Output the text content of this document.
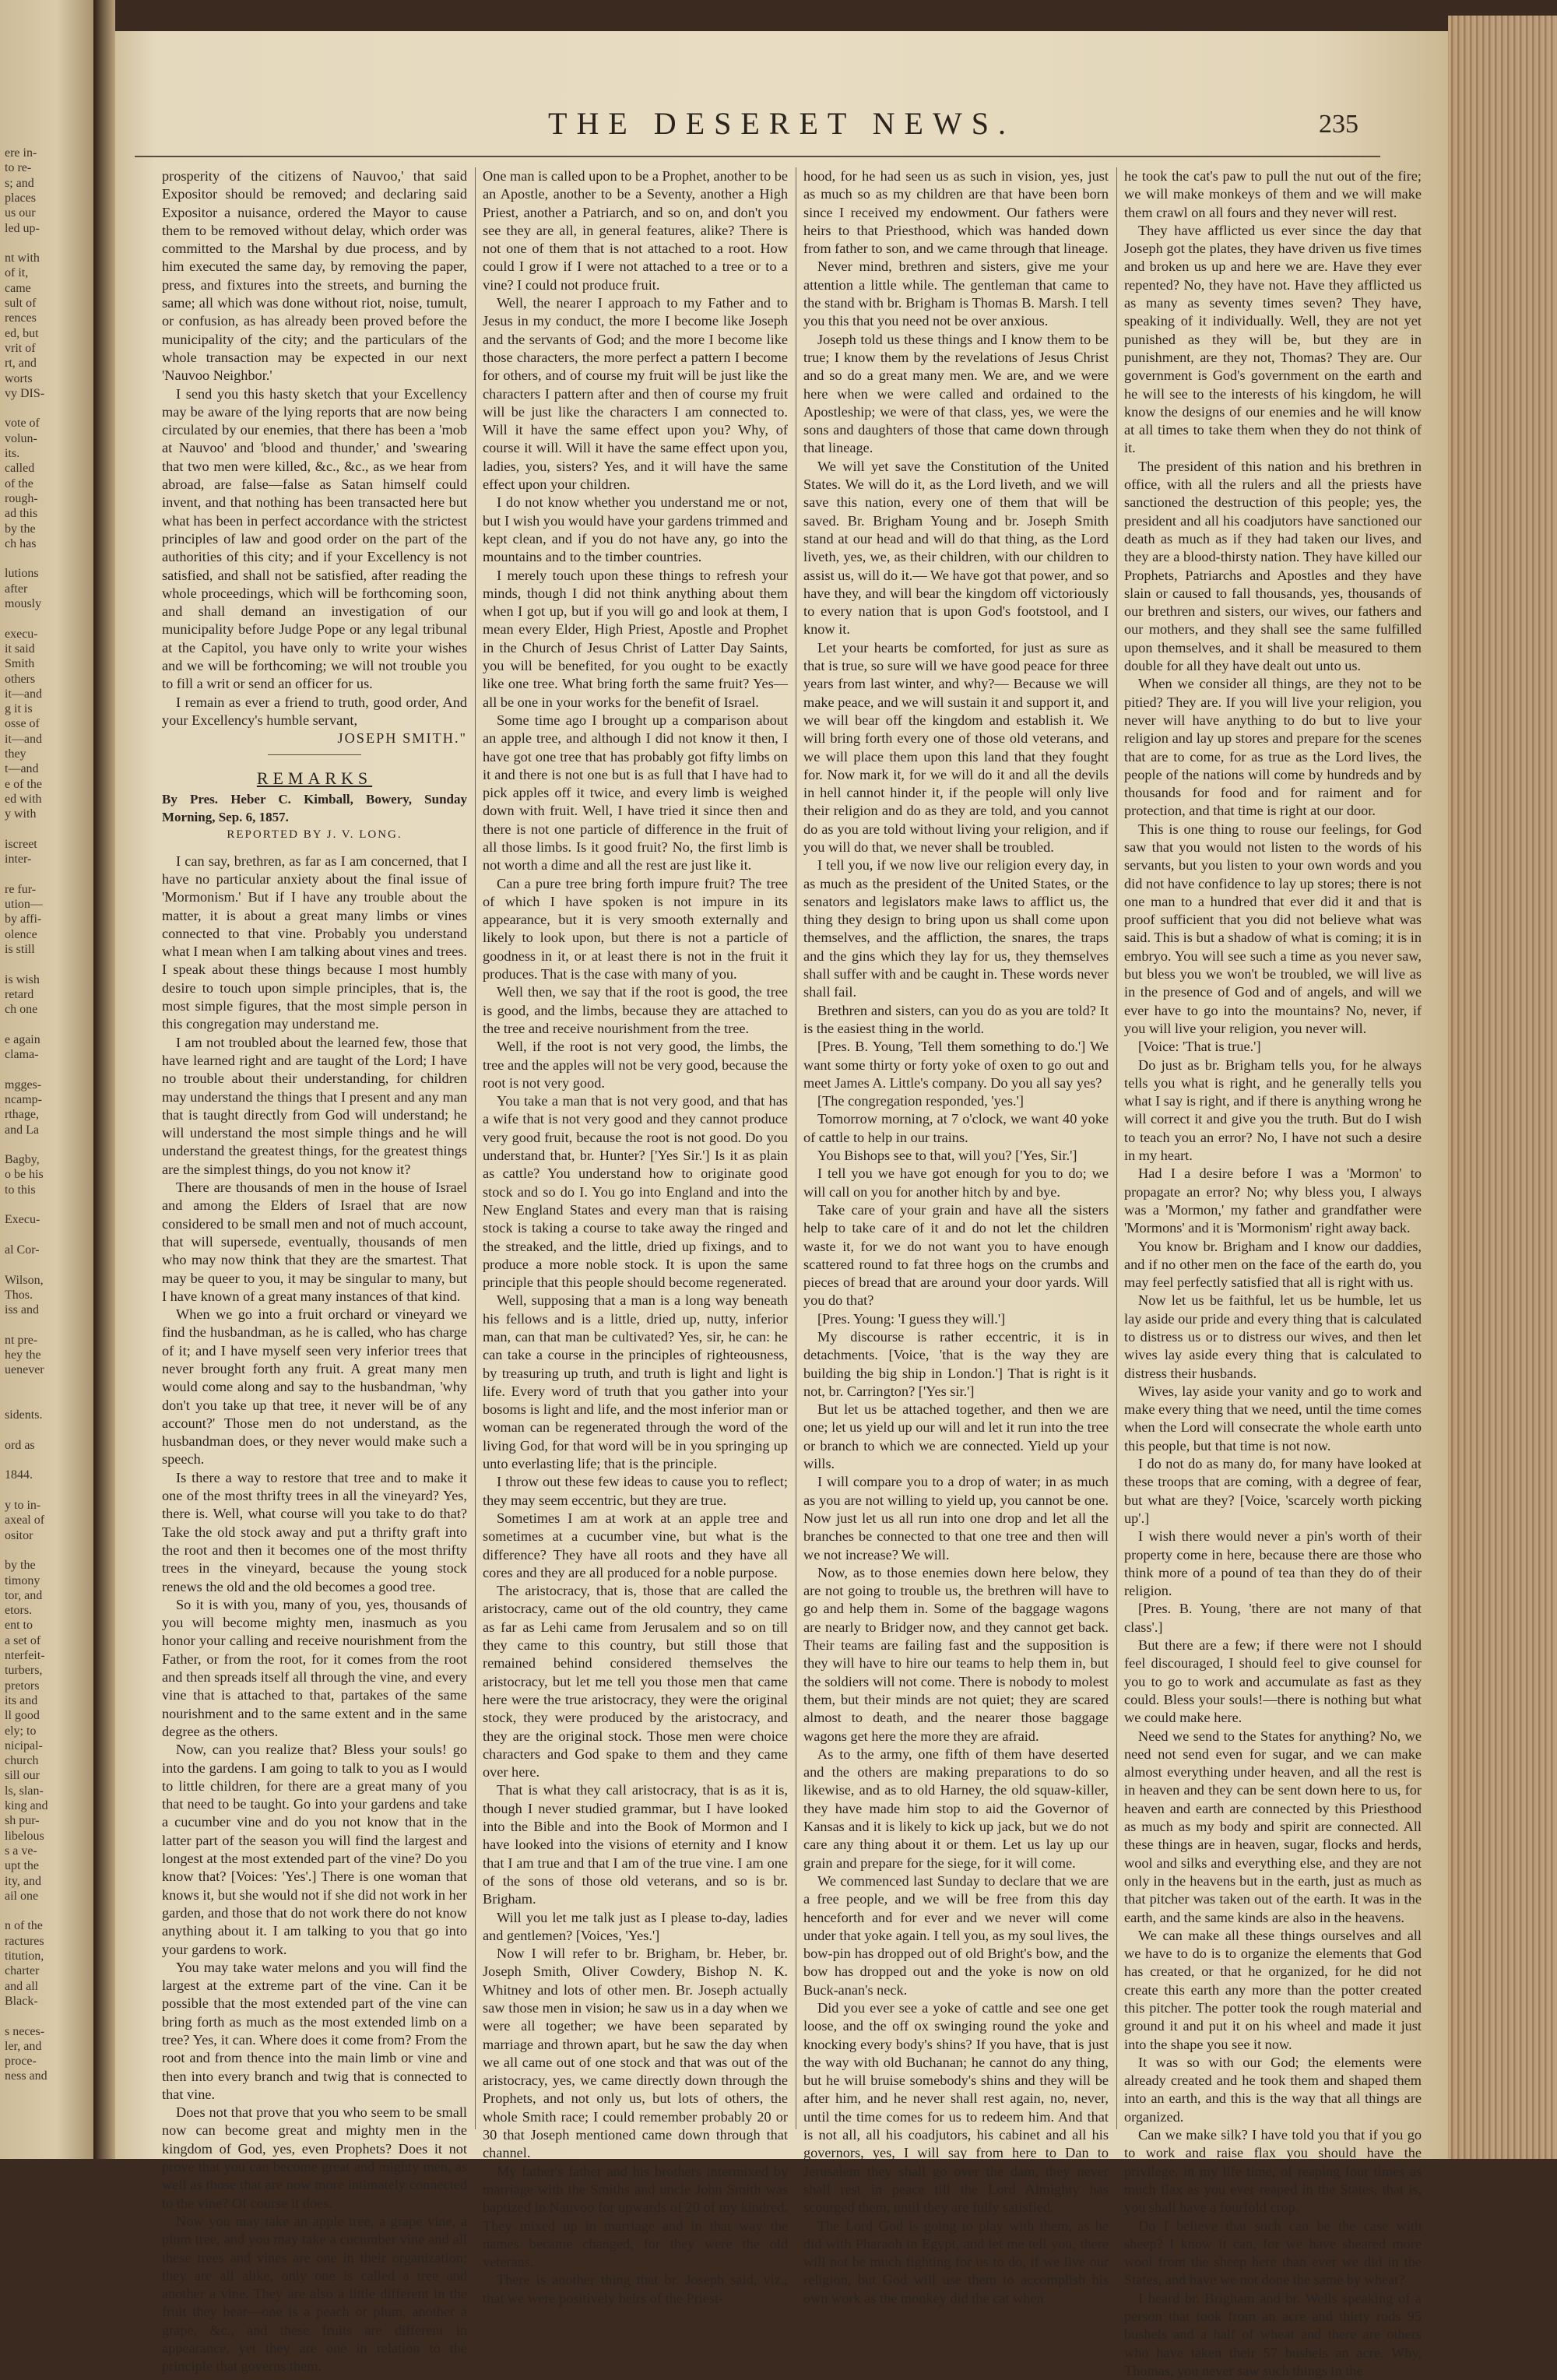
ere in-
to re-
s; and
places
us our
led up-
nt with
of it,
came
sult of
rences
ed, but
vrit of
rt, and
worts
vy DIS-
vote of
volun-
its.
called
of the
rough-
ad this
by the
ch has
lutions
after
mously
execu-
it said
Smith
others
it—and
g it is
osse of
it—and
they
t—and
e of the
ed with
y with
iscreet
inter-
re fur-
ution—
by affi-
olence
is still
is wish
retard
ch one
e again
clama-
mgges-
ncamp-
rthage,
and La
Bagby,
o be his
to this
Execu-
al Cor-
Wilson,
Thos.
iss and
nt pre-
hey the
uenever
sidents.
ord as
1844.
y to in-
axeal of
ositor
by the
timony
tor, and
etors.
ent to
a set of
nterfeit-
turbers,
pretors
its and
ll good
ely; to
nicipal-
church
sill our
ls, slan-
king and
sh pur-
libelous
s a ve-
upt the
ity, and
ail one
n of the
ractures
titution,
charter
and all
Black-
s neces-
ler, and
proce-
ness and
THE DESERET NEWS.	235

prosperity of the citizens of Nauvoo,' that said Expositor should be removed; and declaring said Expositor a nuisance, ordered the Mayor to cause them to be removed without delay, which order was committed to the Marshal by due process, and by him executed the same day, by removing the paper, press, and fixtures into the streets, and burning the same; all which was done without riot, noise, tumult, or confusion, as has already been proved before the municipality of the city; and the particulars of the whole transaction may be expected in our next 'Nauvoo Neighbor.'

I send you this hasty sketch that your Excellency may be aware of the lying reports that are now being circulated by our enemies, that there has been a 'mob at Nauvoo' and 'blood and thunder,' and 'swearing that two men were killed, &c., &c., as we hear from abroad, are false—false as Satan himself could invent, and that nothing has been transacted here but what has been in perfect accordance with the strictest principles of law and good order on the part of the authorities of this city; and if your Excellency is not satisfied, and shall not be satisfied, after reading the whole proceedings, which will be forthcoming soon, and shall demand an investigation of our municipality before Judge Pope or any legal tribunal at the Capitol, you have only to write your wishes and we will be forthcoming; we will not trouble you to fill a writ or send an officer for us.

I remain as ever a friend to truth, good order, And your Excellency's humble servant,

JOSEPH SMITH."

REMARKS

By Pres. Heber C. Kimball, Bowery, Sunday Morning, Sep. 6, 1857.

REPORTED BY J. V. LONG.

I can say, brethren, as far as I am concerned, that I have no particular anxiety about the final issue of 'Mormonism.' But if I have any trouble about the matter, it is about a great many limbs or vines connected to that vine. Probably you understand what I mean when I am talking about vines and trees. I speak about these things because I most humbly desire to touch upon simple principles, that is, the most simple figures, that the most simple person in this congregation may understand me.

I am not troubled about the learned few, those that have learned right and are taught of the Lord; I have no trouble about their understanding, for children may understand the things that I present and any man that is taught directly from God will understand; he will understand the most simple things and he will understand the greatest things, for the greatest things are the simplest things, do you not know it?

There are thousands of men in the house of Israel and among the Elders of Israel that are now considered to be small men and not of much account, that will supersede, eventually, thousands of men who may now think that they are the smartest. That may be queer to you, it may be singular to many, but I have known of a great many instances of that kind.

When we go into a fruit orchard or vineyard we find the husbandman, as he is called, who has charge of it; and I have myself seen very inferior trees that never brought forth any fruit. A great many men would come along and say to the husbandman, 'why don't you take up that tree, it never will be of any account?' Those men do not understand, as the husbandman does, or they never would make such a speech.

Is there a way to restore that tree and to make it one of the most thrifty trees in all the vineyard? Yes, there is. Well, what course will you take to do that? Take the old stock away and put a thrifty graft into the root and then it becomes one of the most thrifty trees in the vineyard, because the young stock renews the old and the old becomes a good tree.

So it is with you, many of you, yes, thousands of you will become mighty men, inasmuch as you honor your calling and receive nourishment from the Father, or from the root, for it comes from the root and then spreads itself all through the vine, and every vine that is attached to that, partakes of the same nourishment and to the same extent and in the same degree as the others.

Now, can you realize that? Bless your souls! go into the gardens. I am going to talk to you as I would to little children, for there are a great many of you that need to be taught. Go into your gardens and take a cucumber vine and do you not know that in the latter part of the season you will find the largest and longest at the most extended part of the vine? Do you know that? [Voices: 'Yes'.] There is one woman that knows it, but she would not if she did not work in her garden, and those that do not work there do not know anything about it. I am talking to you that go into your gardens to work.

You may take water melons and you will find the largest at the extreme part of the vine. Can it be possible that the most extended part of the vine can bring forth as much as the most extended limb on a tree? Yes, it can. Where does it come from? From the root and from thence into the main limb or vine and then into every branch and twig that is connected to that vine.

Does not that prove that you who seem to be small now can become great and mighty men in the kingdom of God, yes, even Prophets? Does it not prove that you can become great and mighty men, as well as those that are now more intimately connected to the vine? Of course it does.

Now you may take an apple tree, a grape vine, a plum tree, and you may take a cucumber vine and all these trees and vines are one in their organization; they are all alike, only one is called a tree and another a vine. They are also a little different in the fruit they bear—one is a peach or plum, another a grape, &c., and these fruits are different in appearance, yet they are one in relation to the principle that governs them.

One man is called upon to be a Prophet, another to be an Apostle, another to be a Seventy, another a High Priest, another a Patriarch, and so on, and don't you see they are all, in general features, alike? There is not one of them that is not attached to a root. How could I grow if I were not attached to a tree or to a vine? I could not produce fruit.

Well, the nearer I approach to my Father and to Jesus in my conduct, the more I become like Joseph and the servants of God; and the more I become like those characters, the more perfect a pattern I become for others, and of course my fruit will be just like the characters I pattern after and then of course my fruit will be just like the characters I am connected to. Will it have the same effect upon you? Why, of course it will. Will it have the same effect upon you, ladies, you, sisters? Yes, and it will have the same effect upon your children.

I do not know whether you understand me or not, but I wish you would have your gardens trimmed and kept clean, and if you do not have any, go into the mountains and to the timber countries.

I merely touch upon these things to refresh your minds, though I did not think anything about them when I got up, but if you will go and look at them, I mean every Elder, High Priest, Apostle and Prophet in the Church of Jesus Christ of Latter Day Saints, you will be benefited, for you ought to be exactly like one tree. What bring forth the same fruit? Yes—all be one in your works for the benefit of Israel.

Some time ago I brought up a comparison about an apple tree, and although I did not know it then, I have got one tree that has probably got fifty limbs on it and there is not one but is as full that I have had to pick apples off it twice, and every limb is weighed down with fruit. Well, I have tried it since then and there is not one particle of difference in the fruit of all those limbs. Is it good fruit? No, the first limb is not worth a dime and all the rest are just like it.

Can a pure tree bring forth impure fruit? The tree of which I have spoken is not impure in its appearance, but it is very smooth externally and likely to look upon, but there is not a particle of goodness in it, or at least there is not in the fruit it produces. That is the case with many of you.

Well then, we say that if the root is good, the tree is good, and the limbs, because they are attached to the tree and receive nourishment from the tree.

Well, if the root is not very good, the limbs, the tree and the apples will not be very good, because the root is not very good.

You take a man that is not very good, and that has a wife that is not very good and they cannot produce very good fruit, because the root is not good. Do you understand that, br. Hunter? ['Yes Sir.'] Is it as plain as cattle? You understand how to originate good stock and so do I. You go into England and into the New England States and every man that is raising stock is taking a course to take away the ringed and the streaked, and the little, dried up fixings, and to produce a more noble stock. It is upon the same principle that this people should become regenerated.

Well, supposing that a man is a long way beneath his fellows and is a little, dried up, nutty, inferior man, can that man be cultivated? Yes, sir, he can: he can take a course in the principles of righteousness, by treasuring up truth, and truth is light and light is life. Every word of truth that you gather into your bosoms is light and life, and the most inferior man or woman can be regenerated through the word of the living God, for that word will be in you springing up unto everlasting life; that is the principle.

I throw out these few ideas to cause you to reflect; they may seem eccentric, but they are true.

Sometimes I am at work at an apple tree and sometimes at a cucumber vine, but what is the difference? They have all roots and they have all cores and they are all produced for a noble purpose.

The aristocracy, that is, those that are called the aristocracy, came out of the old country, they came as far as Lehi came from Jerusalem and so on till they came to this country, but still those that remained behind considered themselves the aristocracy, but let me tell you those men that came here were the true aristocracy, they were the original stock, they were produced by the aristocracy, and they are the original stock. Those men were choice characters and God spake to them and they came over here.

That is what they call aristocracy, that is as it is, though I never studied grammar, but I have looked into the Bible and into the Book of Mormon and I have looked into the visions of eternity and I know that I am true and that I am of the true vine. I am one of the sons of those old veterans, and so is br. Brigham.

Will you let me talk just as I please to-day, ladies and gentlemen? [Voices, 'Yes.']

Now I will refer to br. Brigham, br. Heber, br. Joseph Smith, Oliver Cowdery, Bishop N. K. Whitney and lots of other men. Br. Joseph actually saw those men in vision; he saw us in a day when we were all together; we have been separated by marriage and thrown apart, but he saw the day when we all came out of one stock and that was out of the aristocracy, yes, we came directly down through the Prophets, and not only us, but lots of others, the whole Smith race; I could remember probably 20 or 30 that Joseph mentioned came down through that channel.

My father's father and his brothers intermixed by marriage with the Smiths and uncle John Smith was baptized in Nauvoo for upwards of 20 of my kindred. They mixed up in marriage and in that way the names became changed, for they were the old veterans.

There is another thing that br. Joseph said, viz., that we were positively heirs of the Priest-

hood, for he had seen us as such in vision, yes, just as much so as my children are that have been born since I received my endowment. Our fathers were heirs to that Priesthood, which was handed down from father to son, and we came through that lineage.

Never mind, brethren and sisters, give me your attention a little while. The gentleman that came to the stand with br. Brigham is Thomas B. Marsh. I tell you this that you need not be over anxious.

Joseph told us these things and I know them to be true; I know them by the revelations of Jesus Christ and so do a great many men. We are, and we were here when we were called and ordained to the Apostleship; we were of that class, yes, we were the sons and daughters of those that came down through that lineage.

We will yet save the Constitution of the United States. We will do it, as the Lord liveth, and we will save this nation, every one of them that will be saved. Br. Brigham Young and br. Joseph Smith stand at our head and will do that thing, as the Lord liveth, yes, we, as their children, with our children to assist us, will do it.— We have got that power, and so have they, and will bear the kingdom off victoriously to every nation that is upon God's footstool, and I know it.

Let your hearts be comforted, for just as sure as that is true, so sure will we have good peace for three years from last winter, and why?— Because we will make peace, and we will sustain it and support it, and we will bear off the kingdom and establish it. We will bring forth every one of those old veterans, and we will place them upon this land that they fought for. Now mark it, for we will do it and all the devils in hell cannot hinder it, if the people will only live their religion and do as they are told, and you cannot do as you are told without living your religion, and if you will do that, we never shall be troubled.

I tell you, if we now live our religion every day, in as much as the president of the United States, or the senators and legislators make laws to afflict us, the thing they design to bring upon us shall come upon themselves, and the affliction, the snares, the traps and the gins which they lay for us, they themselves shall suffer with and be caught in. These words never shall fail.

Brethren and sisters, can you do as you are told? It is the easiest thing in the world.

[Pres. B. Young, 'Tell them something to do.'] We want some thirty or forty yoke of oxen to go out and meet James A. Little's company. Do you all say yes?

[The congregation responded, 'yes.']

Tomorrow morning, at 7 o'clock, we want 40 yoke of cattle to help in our trains.

You Bishops see to that, will you? ['Yes, Sir.']

I tell you we have got enough for you to do; we will call on you for another hitch by and bye.

Take care of your grain and have all the sisters help to take care of it and do not let the children waste it, for we do not want you to have enough scattered round to fat three hogs on the crumbs and pieces of bread that are around your door yards. Will you do that?

[Pres. Young: 'I guess they will.']

My discourse is rather eccentric, it is in detachments. [Voice, 'that is the way they are building the big ship in London.'] That is right is it not, br. Carrington? ['Yes sir.']

But let us be attached together, and then we are one; let us yield up our will and let it run into the tree or branch to which we are connected. Yield up your wills.

I will compare you to a drop of water; in as much as you are not willing to yield up, you cannot be one. Now just let us all run into one drop and let all the branches be connected to that one tree and then will we not increase? We will.

Now, as to those enemies down here below, they are not going to trouble us, the brethren will have to go and help them in. Some of the baggage wagons are nearly to Bridger now, and they cannot get back. Their teams are failing fast and the supposition is they will have to hire our teams to help them in, but the soldiers will not come. There is nobody to molest them, but their minds are not quiet; they are scared almost to death, and the nearer those baggage wagons get here the more they are afraid.

As to the army, one fifth of them have deserted and the others are making preparations to do so likewise, and as to old Harney, the old squaw-killer, they have made him stop to aid the Governor of Kansas and it is likely to kick up jack, but we do not care any thing about it or them. Let us lay up our grain and prepare for the siege, for it will come.

We commenced last Sunday to declare that we are a free people, and we will be free from this day henceforth and for ever and we never will come under that yoke again. I tell you, as my soul lives, the bow-pin has dropped out of old Bright's bow, and the bow has dropped out and the yoke is now on old Buck-anan's neck.

Did you ever see a yoke of cattle and see one get loose, and the off ox swinging round the yoke and knocking every body's shins? If you have, that is just the way with old Buchanan; he cannot do any thing, but he will bruise somebody's shins and they will be after him, and he never shall rest again, no, never, until the time comes for us to redeem him. And that is not all, all his coadjutors, his cabinet and all his governors, yes, I will say from here to Dan to Jerusalem they shall go over the dam, they never shall rest in peace till the Lord Almighty has scourged them, until they are fully satisfied.

The Lord God is going to play with them, as he did with Pharaoh in Egypt, and let me tell you, there will not be much fighting for us to do, if we live our religion, but God will use them to accomplish his own work as the monkey did the cat when

he took the cat's paw to pull the nut out of the fire; we will make monkeys of them and we will make them crawl on all fours and they never will rest.

They have afflicted us ever since the day that Joseph got the plates, they have driven us five times and broken us up and here we are. Have they ever repented? No, they have not. Have they afflicted us as many as seventy times seven? They have, speaking of it individually. Well, they are not yet punished as they will be, but they are in punishment, are they not, Thomas? They are. Our government is God's government on the earth and he will see to the interests of his kingdom, he will know the designs of our enemies and he will know at all times to take them when they do not think of it.

The president of this nation and his brethren in office, with all the rulers and all the priests have sanctioned the destruction of this people; yes, the president and all his coadjutors have sanctioned our death as much as if they had taken our lives, and they are a blood-thirsty nation. They have killed our Prophets, Patriarchs and Apostles and they have slain or caused to fall thousands, yes, thousands of our brethren and sisters, our wives, our fathers and our mothers, and they shall see the same fulfilled upon themselves, and it shall be measured to them double for all they have dealt out unto us.

When we consider all things, are they not to be pitied? They are. If you will live your religion, you never will have anything to do but to live your religion and lay up stores and prepare for the scenes that are to come, for as true as the Lord lives, the people of the nations will come by hundreds and by thousands for food and for raiment and for protection, and that time is right at our door.

This is one thing to rouse our feelings, for God saw that you would not listen to the words of his servants, but you listen to your own words and you did not have confidence to lay up stores; there is not one man to a hundred that ever did it and that is proof sufficient that you did not believe what was said. This is but a shadow of what is coming; it is in embryo. You will see such a time as you never saw, but bless you we won't be troubled, we will live as in the presence of God and of angels, and will we ever have to go into the mountains? No, never, if you will live your religion, you never will.

[Voice: 'That is true.']

Do just as br. Brigham tells you, for he always tells you what is right, and he generally tells you what I say is right, and if there is anything wrong he will correct it and give you the truth. But do I wish to teach you an error? No, I have not such a desire in my heart.

Had I a desire before I was a 'Mormon' to propagate an error? No; why bless you, I always was a 'Mormon,' my father and grandfather were 'Mormons' and it is 'Mormonism' right away back.

You know br. Brigham and I know our daddies, and if no other men on the face of the earth do, you may feel perfectly satisfied that all is right with us.

Now let us be faithful, let us be humble, let us lay aside our pride and every thing that is calculated to distress us or to distress our wives, and then let wives lay aside every thing that is calculated to distress their husbands.

Wives, lay aside your vanity and go to work and make every thing that we need, until the time comes when the Lord will consecrate the whole earth unto this people, but that time is not now.

I do not do as many do, for many have looked at these troops that are coming, with a degree of fear, but what are they? [Voice, 'scarcely worth picking up'.]

I wish there would never a pin's worth of their property come in here, because there are those who think more of a pound of tea than they do of their religion.

[Pres. B. Young, 'there are not many of that class'.]

But there are a few; if there were not I should feel discouraged, I should feel to give counsel for you to go to work and accumulate as fast as they could. Bless your souls!—there is nothing but what we could make here.

Need we send to the States for anything? No, we need not send even for sugar, and we can make almost everything under heaven, and all the rest is in heaven and they can be sent down here to us, for heaven and earth are connected by this Priesthood as much as my body and spirit are connected. All these things are in heaven, sugar, flocks and herds, wool and silks and everything else, and they are not only in the heavens but in the earth, just as much as that pitcher was taken out of the earth. It was in the earth, and the same kinds are also in the heavens.

We can make all these things ourselves and all we have to do is to organize the elements that God has created, or that he organized, for he did not create this earth any more than the potter created this pitcher. The potter took the rough material and ground it and put it on his wheel and made it just into the shape you see it now.

It was so with our God; the elements were already created and he took them and shaped them into an earth, and this is the way that all things are organized.

Can we make silk? I have told you that if you go to work and raise flax you should have the privilege, in my life time, of reaping four times as much flax as you ever reaped in the States, that is, you shall have a fourfold crop.

Do I believe that such can be the case with sheep? I know it can, for we have sheared more wool from the sheep here than ever we did in the States, and have we not done the same by wheat?

I heard br. Brigham and br. Wells speaking of a person that took from an acre and thirty rods 95 bushels and a half of wheat and there are others who have taken their 57 bushels an acre. Why, Thomas, you never saw such things in the
